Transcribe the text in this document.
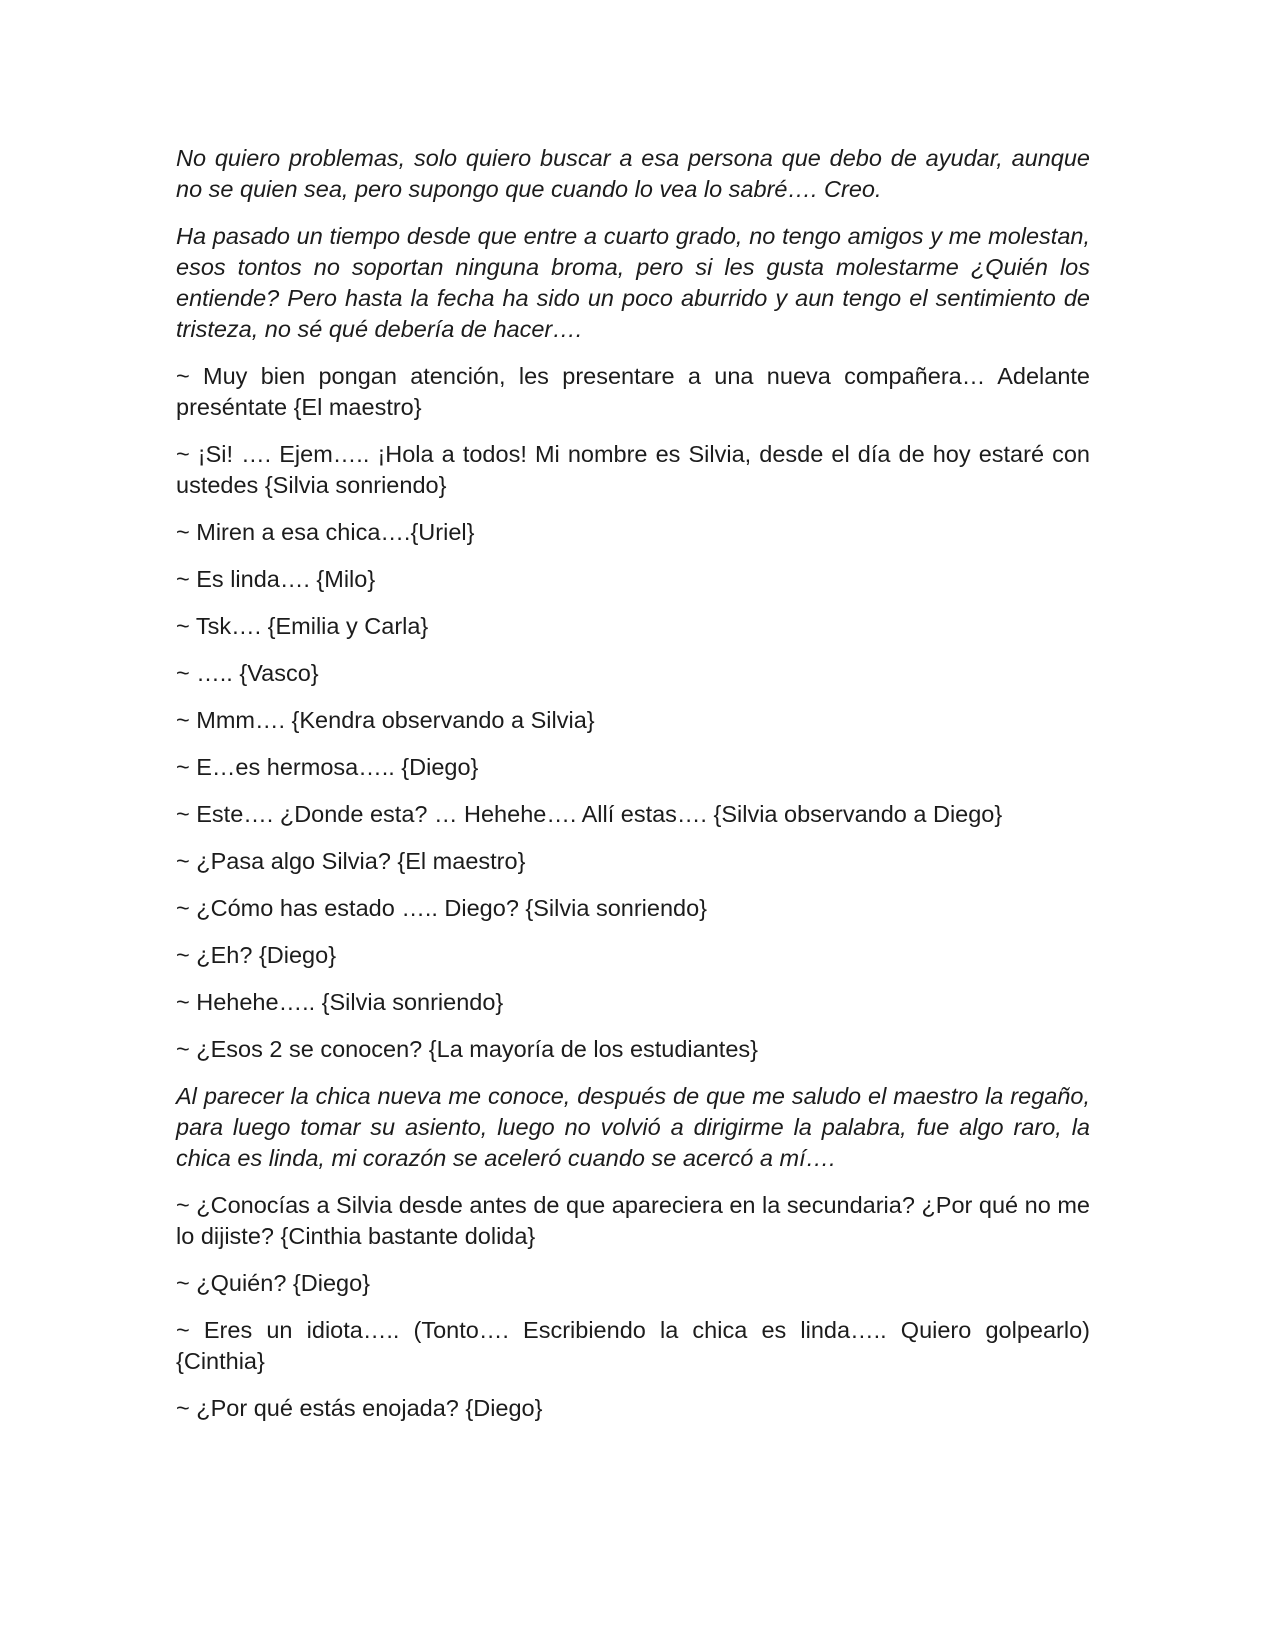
No quiero problemas, solo quiero buscar a esa persona que debo de ayudar, aunque no se quien sea, pero supongo que cuando lo vea lo sabré…. Creo.

Ha pasado un tiempo desde que entre a cuarto grado, no tengo amigos y me molestan, esos tontos no soportan ninguna broma, pero si les gusta molestarme ¿Quién los entiende? Pero hasta la fecha ha sido un poco aburrido y aun tengo el sentimiento de tristeza, no sé qué debería de hacer….

~ Muy bien pongan atención, les presentare a una nueva compañera… Adelante preséntate {El maestro}

~ ¡Si! …. Ejem….. ¡Hola a todos! Mi nombre es Silvia, desde el día de hoy estaré con ustedes {Silvia sonriendo}

~ Miren a esa chica….{Uriel}

~ Es linda…. {Milo}

~ Tsk…. {Emilia y Carla}

~ ….. {Vasco}

~ Mmm…. {Kendra observando a Silvia}

~ E…es hermosa….. {Diego}

~ Este…. ¿Donde esta? … Hehehe…. Allí estas…. {Silvia observando a Diego}

~ ¿Pasa algo Silvia? {El maestro}

~ ¿Cómo has estado ….. Diego? {Silvia sonriendo}

~ ¿Eh? {Diego}

~ Hehehe….. {Silvia sonriendo}

~ ¿Esos 2 se conocen? {La mayoría de los estudiantes}

Al parecer la chica nueva me conoce, después de que me saludo el maestro la regaño, para luego tomar su asiento, luego no volvió a dirigirme la palabra, fue algo raro, la chica es linda, mi corazón se aceleró cuando se acercó a mí….

~ ¿Conocías a Silvia desde antes de que apareciera en la secundaria? ¿Por qué no me lo dijiste? {Cinthia bastante dolida}

~ ¿Quién? {Diego}

~ Eres un idiota….. (Tonto…. Escribiendo la chica es linda….. Quiero golpearlo) {Cinthia}

~ ¿Por qué estás enojada? {Diego}
